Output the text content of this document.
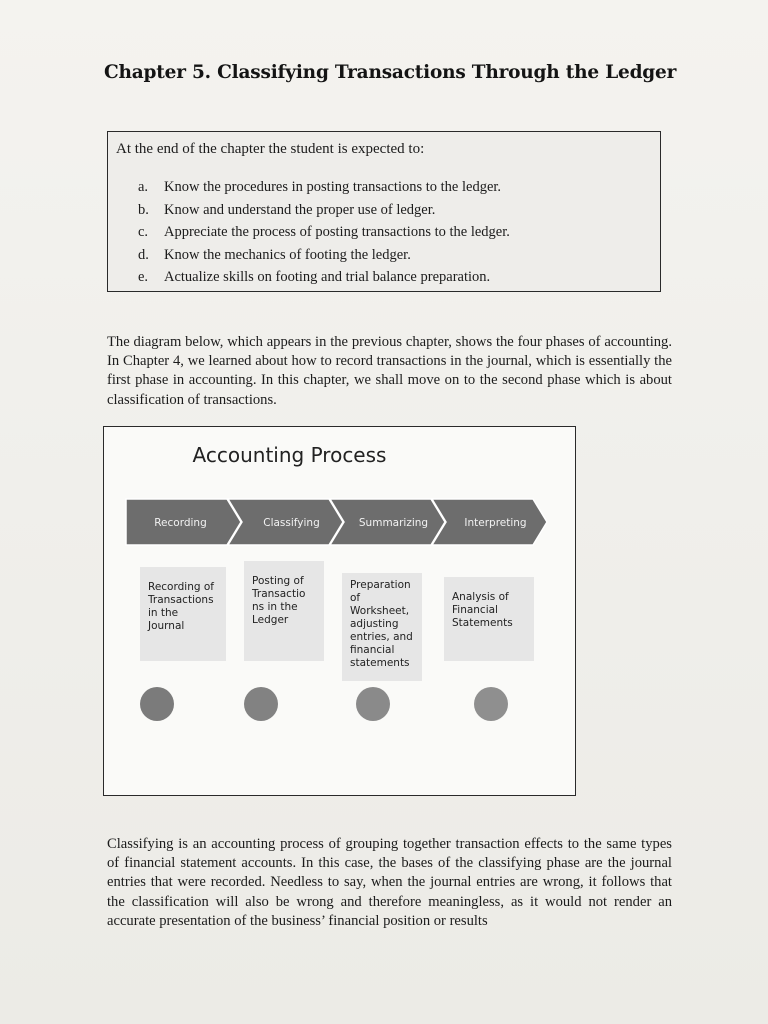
Chapter 5. Classifying Transactions Through the Ledger

At the end of the chapter the student is expected to:

a. Know the procedures in posting transactions to the ledger.
b. Know and understand the proper use of ledger.
c. Appreciate the process of posting transactions to the ledger.
d. Know the mechanics of footing the ledger.
e. Actualize skills on footing and trial balance preparation.

The diagram below, which appears in the previous chapter, shows the four phases of accounting. In Chapter 4, we learned about how to record transactions in the journal, which is essentially the first phase in accounting. In this chapter, we shall move on to the second phase which is about classification of transactions.

Accounting Process
Recording	Classifying	Summarizing	Interpreting
Recording of
Transactions
in the
Journal
Posting of
Transactio
ns in the
Ledger
Preparation
of
Worksheet,
adjusting
entries, and
financial
statements
Analysis of
Financial
Statements

Classifying is an accounting process of grouping together transaction effects to the same types of financial statement accounts. In this case, the bases of the classifying phase are the journal entries that were recorded. Needless to say, when the journal entries are wrong, it follows that the classification will also be wrong and therefore meaningless, as it would not render an accurate presentation of the business’ financial position or results
